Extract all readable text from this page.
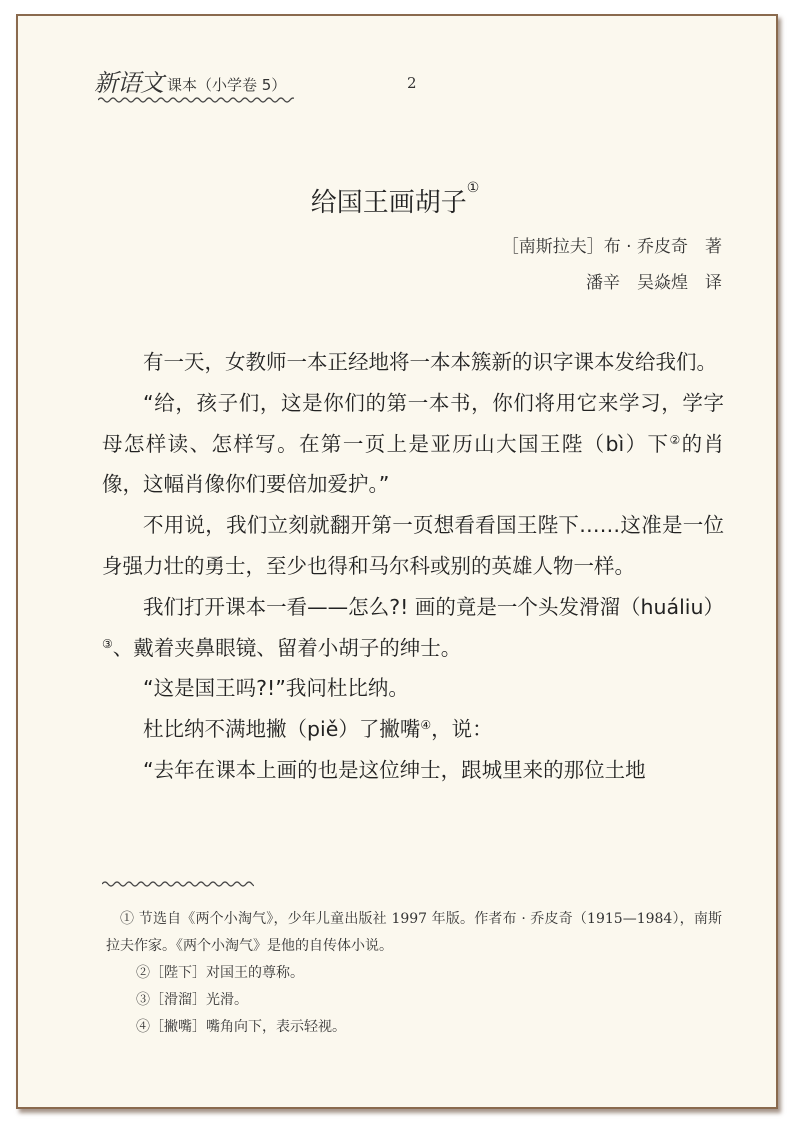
新语文 课本（小学卷 5）	2
给国王画胡子①
［南斯拉夫］布 · 乔皮奇　著
潘辛　吴焱煌　译

有一天，女教师一本正经地将一本本簇新的识字课本发给我们。

“给，孩子们，这是你们的第一本书，你们将用它来学习，学字母怎样读、怎样写。在第一页上是亚历山大国王陛（bì）下②的肖像，这幅肖像你们要倍加爱护。”

不用说，我们立刻就翻开第一页想看看国王陛下……这准是一位身强力壮的勇士，至少也得和马尔科或别的英雄人物一样。

我们打开课本一看——怎么?! 画的竟是一个头发滑溜（huáliu）③、戴着夹鼻眼镜、留着小胡子的绅士。

“这是国王吗?!”我问杜比纳。

杜比纳不满地撇（piě）了撇嘴④，说：

“去年在课本上画的也是这位绅士，跟城里来的那位土地

① 节选自《两个小淘气》，少年儿童出版社 1997 年版。作者布 · 乔皮奇（1915—1984），南斯拉夫作家。《两个小淘气》是他的自传体小说。

②［陛下］对国王的尊称。

③［滑溜］光滑。

④［撇嘴］嘴角向下，表示轻视。
